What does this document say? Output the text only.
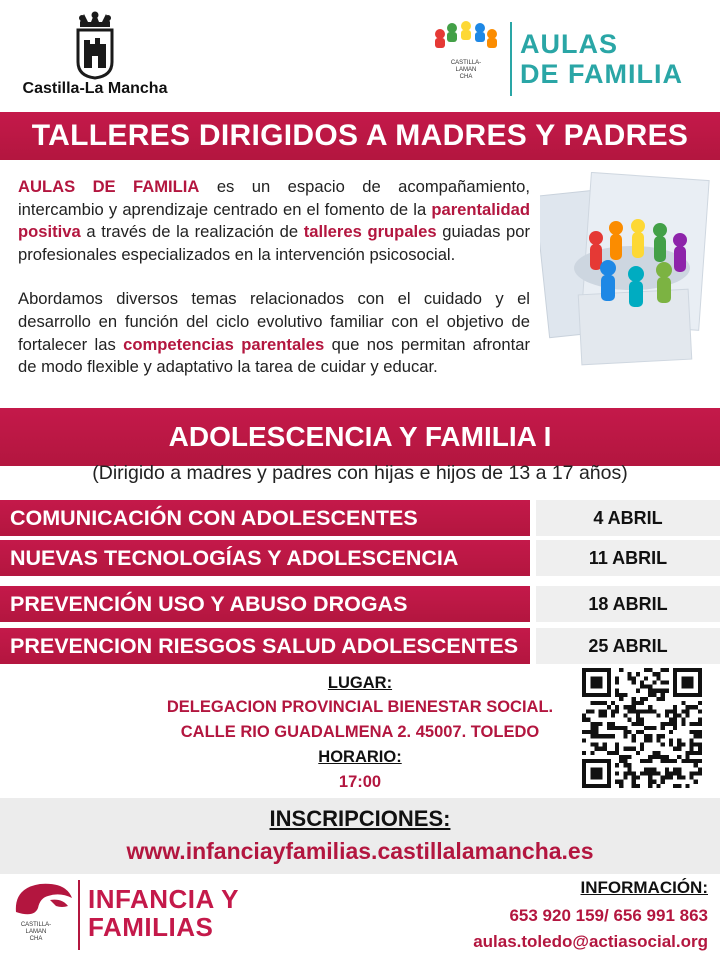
Castilla-La Mancha
CASTILLA-
LAMAN
CHA
AULAS
DE FAMILIA
TALLERES DIRIGIDOS A MADRES Y PADRES

AULAS DE FAMILIA es un espacio de acompañamiento, intercambio y aprendizaje centrado en el fomento de la parentalidad positiva a través de la realización de talleres grupales guiadas por profesionales especializados en la intervención psicosocial.

Abordamos diversos temas relacionados con el cuidado y el desarrollo en función del ciclo evolutivo familiar con el objetivo de fortalecer las competencias parentales que nos permitan afrontar de modo flexible y adaptativo la tarea de cuidar y educar.

ADOLESCENCIA Y FAMILIA I
(Dirigido a madres y padres con hijas e hijos de 13 a 17 años)
COMUNICACIÓN CON ADOLESCENTES	4 ABRIL
NUEVAS TECNOLOGÍAS Y ADOLESCENCIA	11 ABRIL
PREVENCIÓN USO Y ABUSO DROGAS	18 ABRIL
PREVENCION RIESGOS SALUD ADOLESCENTES	25 ABRIL
LUGAR:
DELEGACION PROVINCIAL BIENESTAR SOCIAL.
CALLE RIO GUADALMENA 2. 45007. TOLEDO
HORARIO:
17:00
INSCRIPCIONES:
www.infanciayfamilias.castillalamancha.es
CASTILLA-
LAMAN
CHA
INFANCIA Y
FAMILIAS
INFORMACIÓN:
653 920 159/ 656 991 863
aulas.toledo@actiasocial.org
